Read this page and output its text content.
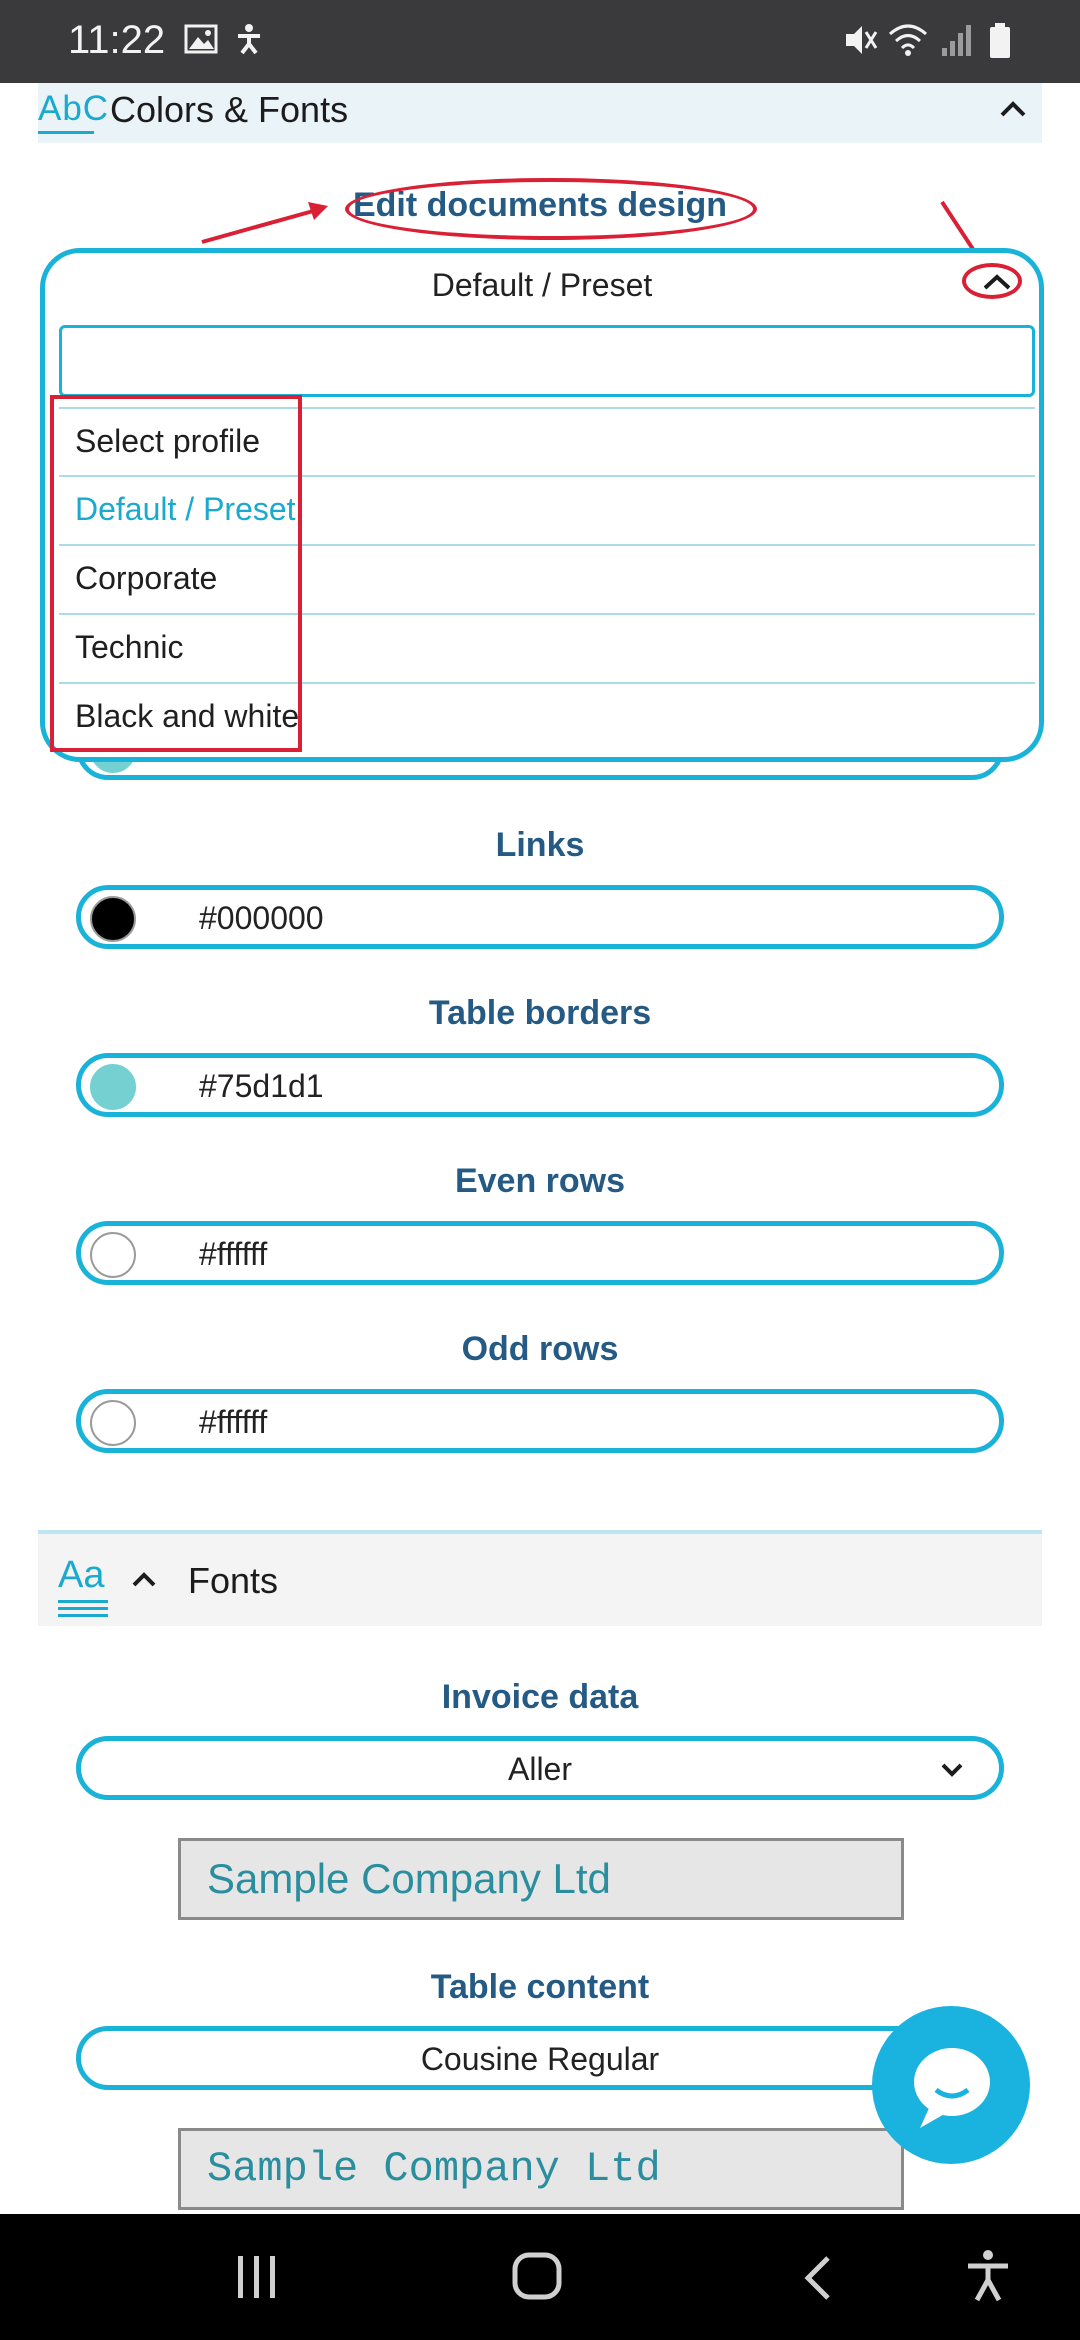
11:22
AbC Colors & Fonts
Edit documents design
Default / Preset
Select profile
Default / Preset
Corporate
Technic
Black and white
Links
#000000
Table borders
#75d1d1
Even rows
#ffffff
Odd rows
#ffffff
Aa Fonts
Invoice data
Aller
Sample Company Ltd
Table content
Cousine Regular
Sample Company Ltd
